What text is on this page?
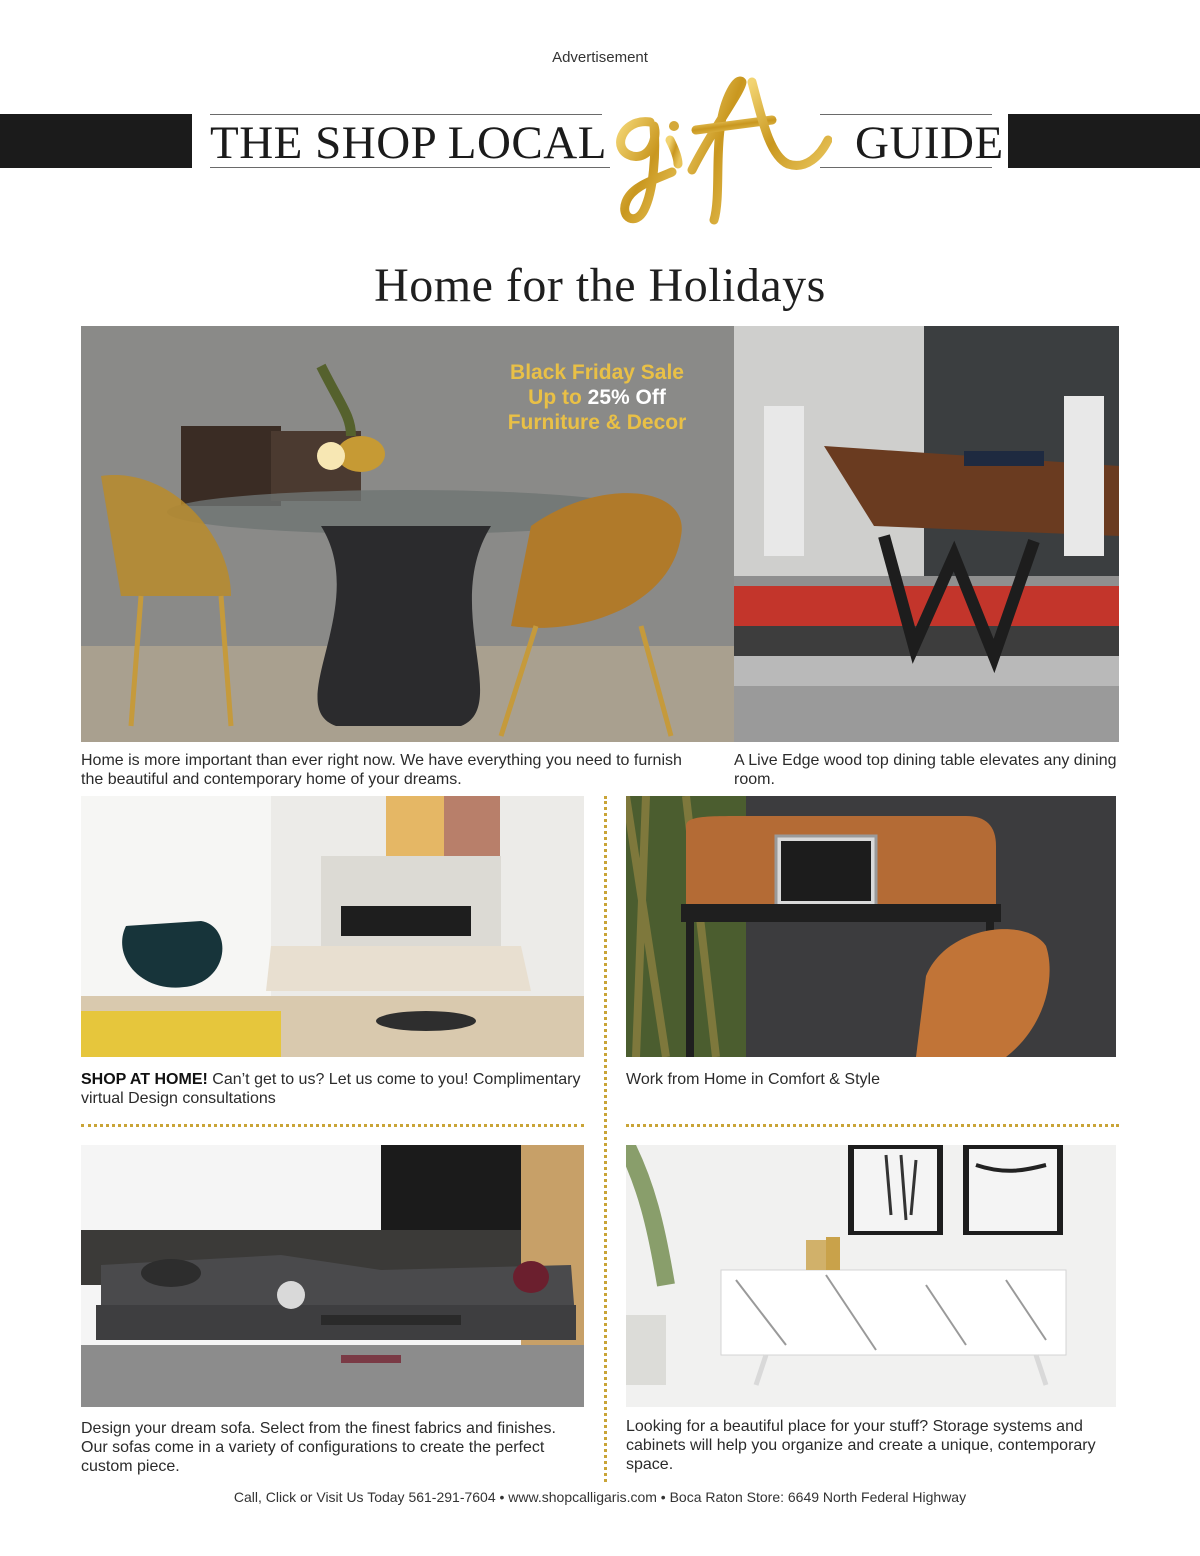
Advertisement
THE SHOP LOCAL	GUIDE
Home for the Holidays
Black Friday Sale
Up to 25% Off
Furniture & Decor
Home is more important than ever right now. We have everything you need to furnish the beautiful and contemporary home of your dreams.
A Live Edge wood top dining table elevates any dining room.
SHOP AT HOME! Can’t get to us? Let us come to you! Complimentary virtual Design consultations
Work from Home in Comfort & Style
Design your dream sofa. Select from the finest fabrics and finishes. Our sofas come in a variety of configurations to create the perfect custom piece.
Looking for a beautiful place for your stuff? Storage systems and cabinets will help you organize and create a unique, contemporary space.
Call, Click or Visit Us Today 561-291-7604 • www.shopcalligaris.com • Boca Raton Store: 6649 North Federal Highway
